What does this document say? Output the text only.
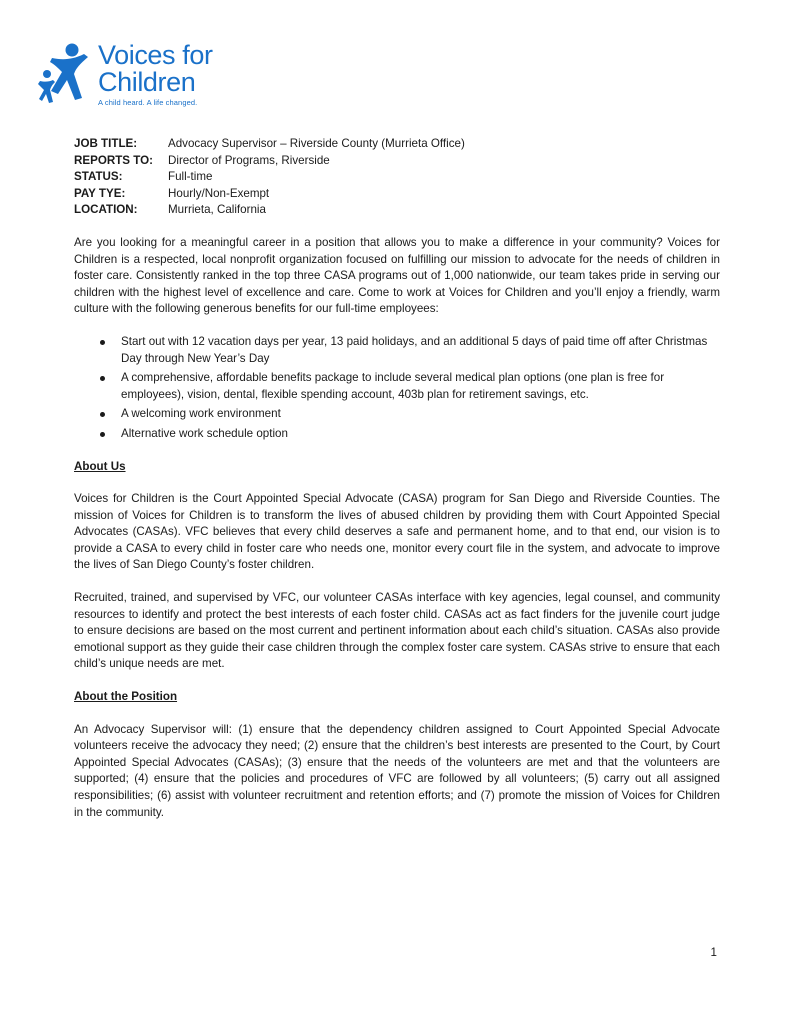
Voices for
Children
A child heard. A life changed.
JOB TITLE:	Advocacy Supervisor – Riverside County (Murrieta Office)
REPORTS TO:	Director of Programs, Riverside
STATUS:	Full-time
PAY TYE:	Hourly/Non-Exempt
LOCATION:	Murrieta, California

Are you looking for a meaningful career in a position that allows you to make a difference in your community? Voices for Children is a respected, local nonprofit organization focused on fulfilling our mission to advocate for the needs of children in foster care. Consistently ranked in the top three CASA programs out of 1,000 nationwide, our team takes pride in serving our children with the highest level of excellence and care. Come to work at Voices for Children and you’ll enjoy a friendly, warm culture with the following generous benefits for our full-time employees:

Start out with 12 vacation days per year, 13 paid holidays, and an additional 5 days of paid time off after Christmas Day through New Year’s Day
A comprehensive, affordable benefits package to include several medical plan options (one plan is free for employees), vision, dental, flexible spending account, 403b plan for retirement savings, etc.
A welcoming work environment
Alternative work schedule option
About Us

Voices for Children is the Court Appointed Special Advocate (CASA) program for San Diego and Riverside Counties. The mission of Voices for Children is to transform the lives of abused children by providing them with Court Appointed Special Advocates (CASAs). VFC believes that every child deserves a safe and permanent home, and to that end, our vision is to provide a CASA to every child in foster care who needs one, monitor every court file in the system, and advocate to improve the lives of San Diego County’s foster children.

Recruited, trained, and supervised by VFC, our volunteer CASAs interface with key agencies, legal counsel, and community resources to identify and protect the best interests of each foster child. CASAs act as fact finders for the juvenile court judge to ensure decisions are based on the most current and pertinent information about each child’s situation. CASAs also provide emotional support as they guide their case children through the complex foster care system. CASAs strive to ensure that each child’s unique needs are met.

About the Position

An Advocacy Supervisor will: (1) ensure that the dependency children assigned to Court Appointed Special Advocate volunteers receive the advocacy they need; (2) ensure that the children’s best interests are presented to the Court, by Court Appointed Special Advocates (CASAs); (3) ensure that the needs of the volunteers are met and that the volunteers are supported; (4) ensure that the policies and procedures of VFC are followed by all volunteers; (5) carry out all assigned responsibilities; (6) assist with volunteer recruitment and retention efforts; and (7) promote the mission of Voices for Children in the community.

1
